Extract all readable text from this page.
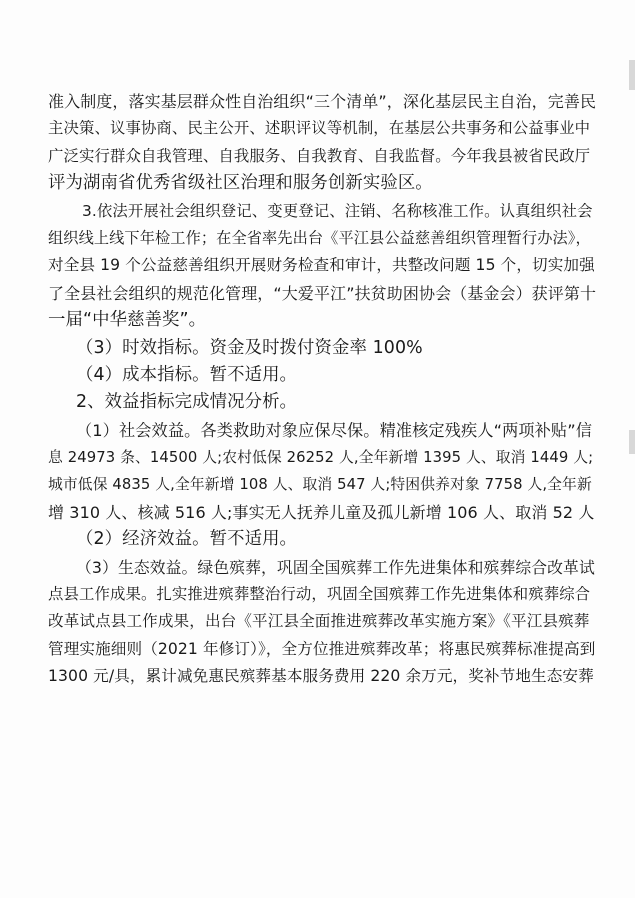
准入制度，落实基层群众性自治组织“三个清单”，深化基层民主自治，完善民
主决策、议事协商、民主公开、述职评议等机制，在基层公共事务和公益事业中
广泛实行群众自我管理、自我服务、自我教育、自我监督。今年我县被省民政厅
评为湖南省优秀省级社区治理和服务创新实验区。
3.依法开展社会组织登记、变更登记、注销、名称核准工作。认真组织社会
组织线上线下年检工作；在全省率先出台《平江县公益慈善组织管理暂行办法》，
对全县 19 个公益慈善组织开展财务检查和审计，共整改问题 15 个，切实加强
了全县社会组织的规范化管理，“大爱平江”扶贫助困协会（基金会）获评第十
一届“中华慈善奖”。
（3）时效指标。资金及时拨付资金率 100%
（4）成本指标。暂不适用。
2、效益指标完成情况分析。
（1）社会效益。各类救助对象应保尽保。精准核定残疾人“两项补贴”信
息 24973 条、14500 人;农村低保 26252 人,全年新增 1395 人、取消 1449 人;
城市低保 4835 人,全年新增 108 人、取消 547 人;特困供养对象 7758 人,全年新
增 310 人、核减 516 人;事实无人抚养儿童及孤儿新增 106 人、取消 52 人
（2）经济效益。暂不适用。
（3）生态效益。绿色殡葬，巩固全国殡葬工作先进集体和殡葬综合改革试
点县工作成果。扎实推进殡葬整治行动，巩固全国殡葬工作先进集体和殡葬综合
改革试点县工作成果，出台《平江县全面推进殡葬改革实施方案》《平江县殡葬
管理实施细则（2021 年修订）》，全方位推进殡葬改革；将惠民殡葬标准提高到
1300 元/具，累计减免惠民殡葬基本服务费用 220 余万元，奖补节地生态安葬
